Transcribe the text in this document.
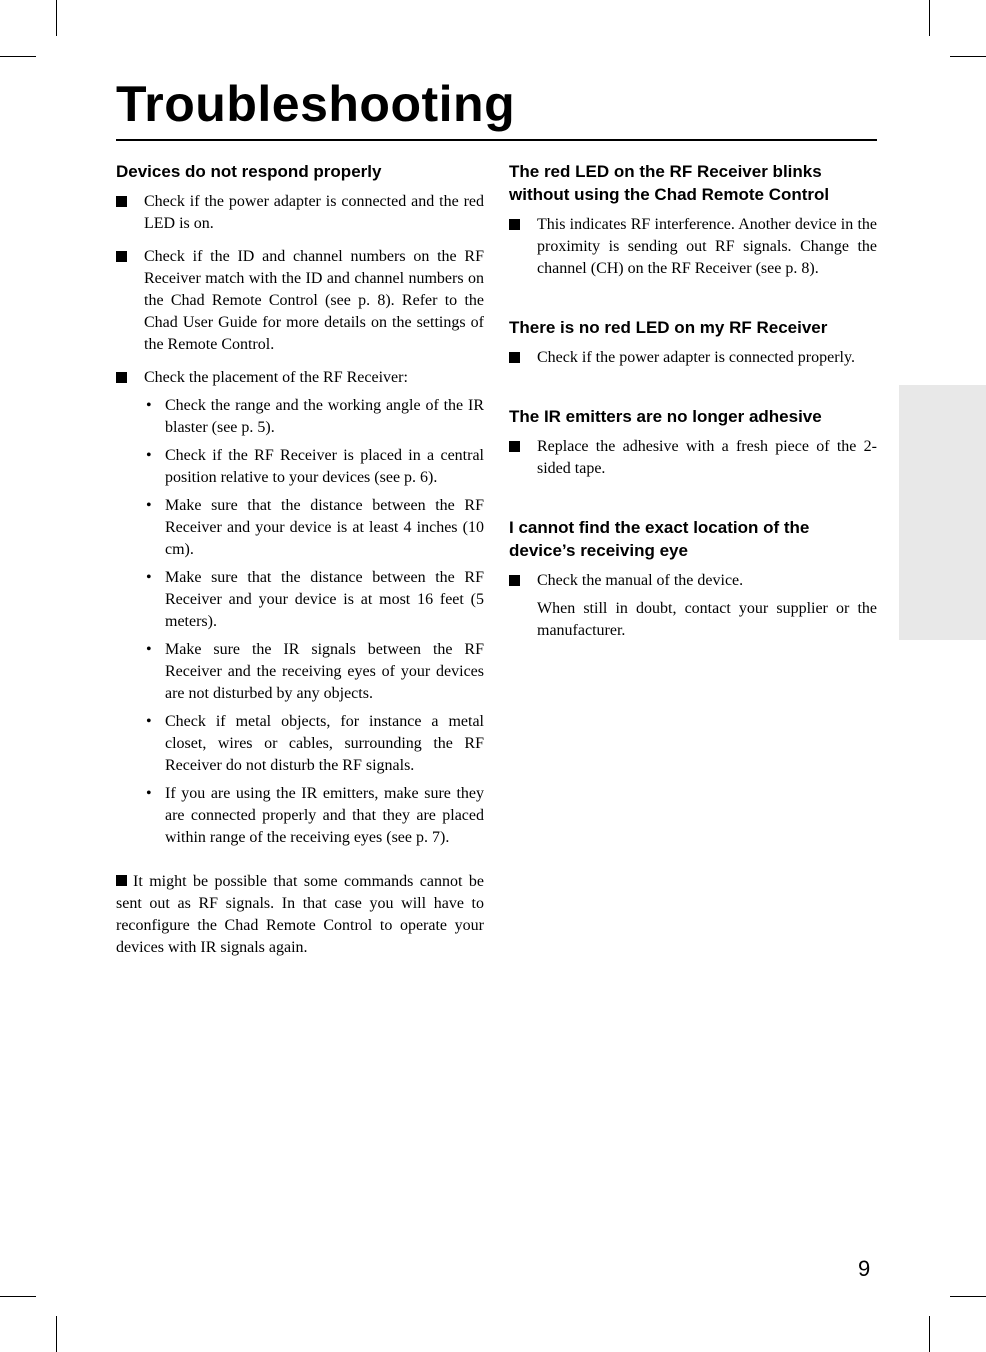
Troubleshooting
Devices do not respond properly

Check if the power adapter is connected and the red LED is on.

Check if the ID and channel numbers on the RF Receiver match with the ID and channel numbers on the Chad Remote Control (see p. 8). Refer to the Chad User Guide for more details on the settings of the Remote Control.

Check the placement of the RF Receiver:

• Check the range and the working angle of the IR blaster (see p. 5).

• Check if the RF Receiver is placed in a central position relative to your devices (see p. 6).

• Make sure that the distance between the RF Receiver and your device is at least 4 inches (10 cm).

• Make sure that the distance between the RF Receiver and your device is at most 16 feet (5 meters).

• Make sure the IR signals between the RF Receiver and the receiving eyes of your devices are not disturbed by any objects.

• Check if metal objects, for instance a metal closet, wires or cables, surrounding the RF Receiver do not disturb the RF signals.

• If you are using the IR emitters, make sure they are connected properly and that they are placed within range of the receiving eyes (see p. 7).

It might be possible that some commands cannot be sent out as RF signals. In that case you will have to reconfigure the Chad Remote Control to operate your devices with IR signals again.

The red LED on the RF Receiver blinks without using the Chad Remote Control

This indicates RF interference. Another device in the proximity is sending out RF signals. Change the channel (CH) on the RF Receiver (see p. 8).

There is no red LED on my RF Receiver

Check if the power adapter is connected properly.

The IR emitters are no longer adhesive

Replace the adhesive with a fresh piece of the 2-sided tape.

I cannot find the exact location of the device’s receiving eye

Check the manual of the device.

When still in doubt, contact your supplier or the manufacturer.

9
